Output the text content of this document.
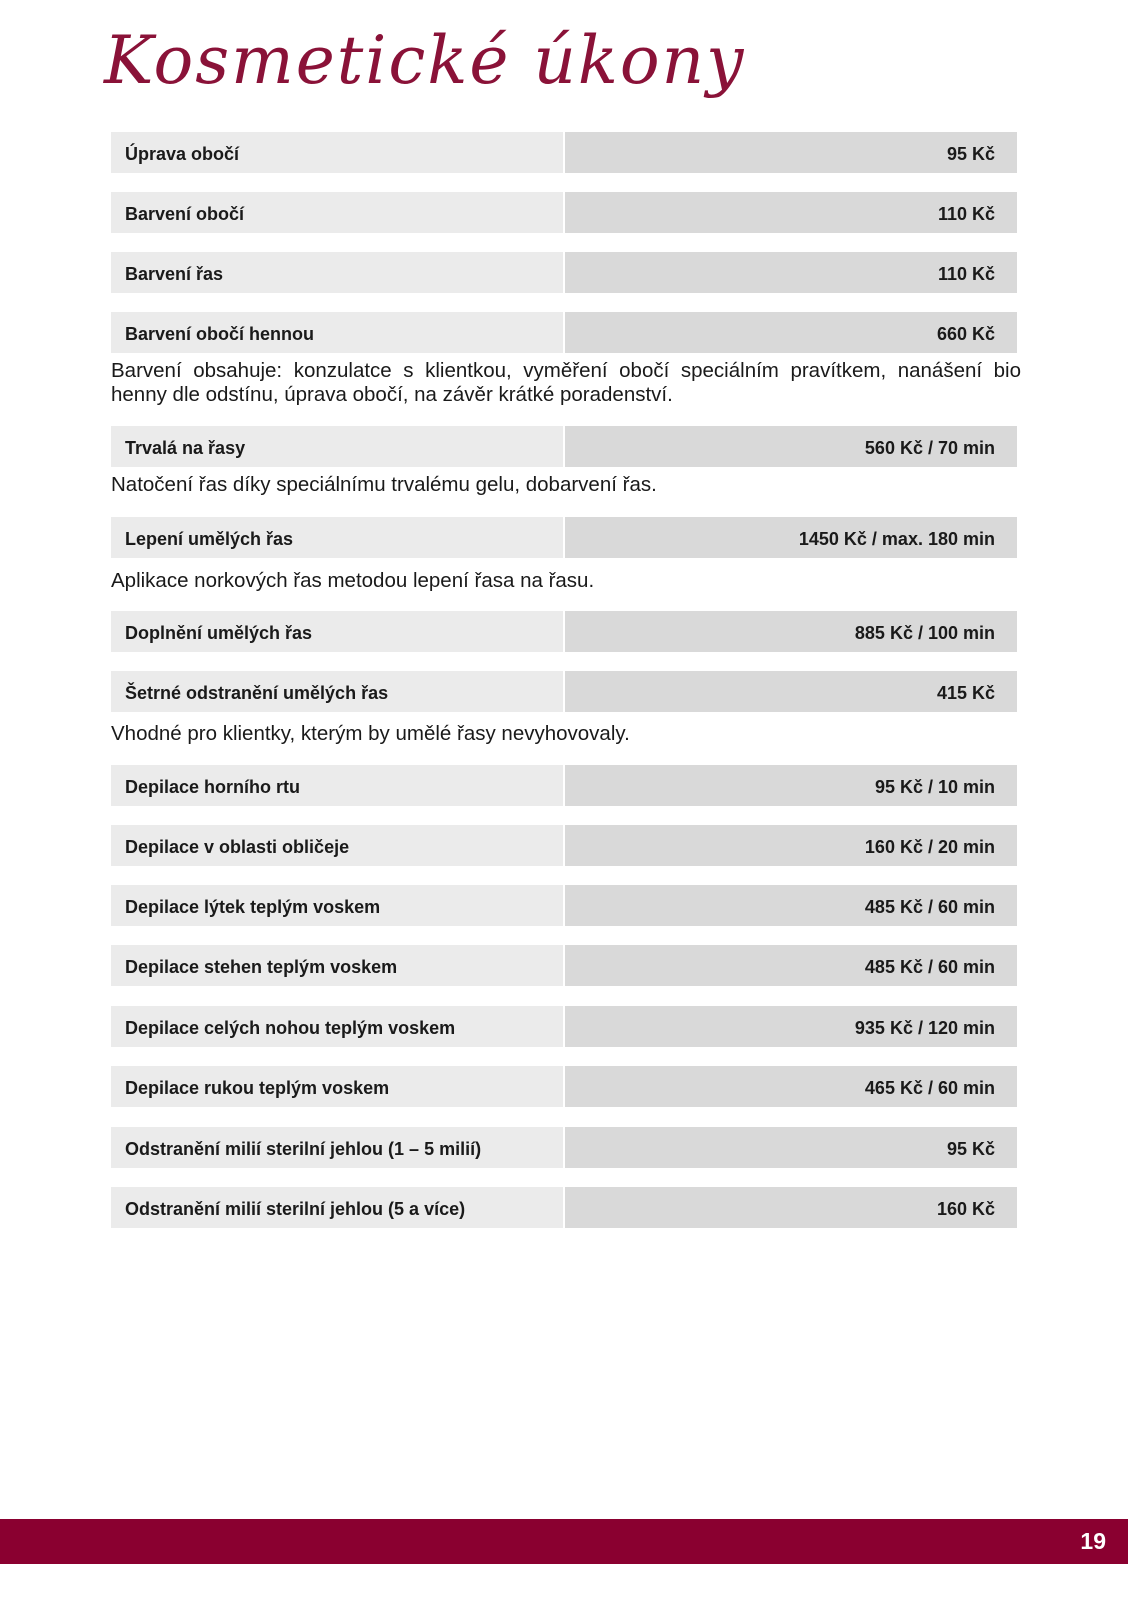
Kosmetické úkony
Úprava obočí	95 Kč
Barvení obočí	110 Kč
Barvení řas	110 Kč
Barvení obočí hennou	660 Kč
Barvení obsahuje: konzulatce s klientkou, vyměření obočí speciálním pravítkem, nanášení bio henny dle odstínu, úprava obočí, na závěr krátké poradenství.
Trvalá na řasy	560 Kč / 70 min
Natočení řas díky speciálnímu trvalému gelu, dobarvení řas.
Lepení umělých řas	1450 Kč / max. 180 min
Aplikace norkových řas metodou lepení řasa na řasu.
Doplnění umělých řas	885 Kč / 100 min
Šetrné odstranění umělých řas	415 Kč
Vhodné pro klientky, kterým by umělé řasy nevyhovovaly.
Depilace horního rtu	95 Kč / 10 min
Depilace v oblasti obličeje	160 Kč / 20 min
Depilace lýtek teplým voskem	485 Kč / 60 min
Depilace stehen teplým voskem	485 Kč / 60 min
Depilace celých nohou teplým voskem	935 Kč / 120 min
Depilace rukou teplým voskem	465 Kč / 60 min
Odstranění milií sterilní jehlou (1 – 5 milií)	95 Kč
Odstranění milií sterilní jehlou (5 a více)	160 Kč
19
